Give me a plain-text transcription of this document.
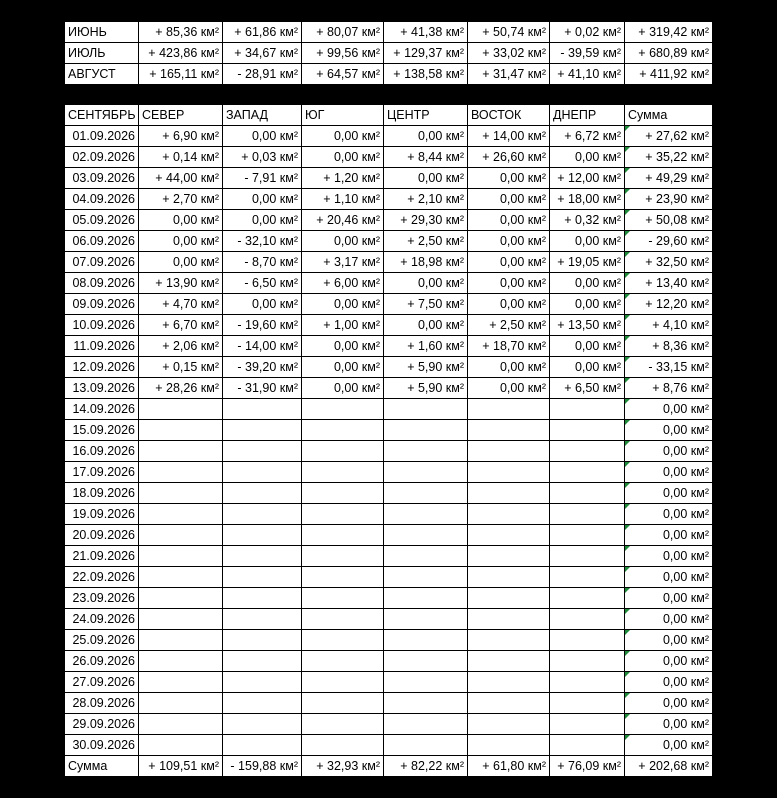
ИЮНЬ	+ 85,36 км²	+ 61,86 км²	+ 80,07 км²	+ 41,38 км²	+ 50,74 км²	+ 0,02 км²	+ 319,42 км²
ИЮЛЬ	+ 423,86 км²	+ 34,67 км²	+ 99,56 км²	+ 129,37 км²	+ 33,02 км²	- 39,59 км²	+ 680,89 км²
АВГУСТ	+ 165,11 км²	- 28,91 км²	+ 64,57 км²	+ 138,58 км²	+ 31,47 км²	+ 41,10 км²	+ 411,92 км²
СЕНТЯБРЬ	СЕВЕР	ЗАПАД	ЮГ	ЦЕНТР	ВОСТОК	ДНЕПР	Сумма
01.09.2026	+ 6,90 км²	0,00 км²	0,00 км²	0,00 км²	+ 14,00 км²	+ 6,72 км²	+ 27,62 км²
02.09.2026	+ 0,14 км²	+ 0,03 км²	0,00 км²	+ 8,44 км²	+ 26,60 км²	0,00 км²	+ 35,22 км²
03.09.2026	+ 44,00 км²	- 7,91 км²	+ 1,20 км²	0,00 км²	0,00 км²	+ 12,00 км²	+ 49,29 км²
04.09.2026	+ 2,70 км²	0,00 км²	+ 1,10 км²	+ 2,10 км²	0,00 км²	+ 18,00 км²	+ 23,90 км²
05.09.2026	0,00 км²	0,00 км²	+ 20,46 км²	+ 29,30 км²	0,00 км²	+ 0,32 км²	+ 50,08 км²
06.09.2026	0,00 км²	- 32,10 км²	0,00 км²	+ 2,50 км²	0,00 км²	0,00 км²	- 29,60 км²
07.09.2026	0,00 км²	- 8,70 км²	+ 3,17 км²	+ 18,98 км²	0,00 км²	+ 19,05 км²	+ 32,50 км²
08.09.2026	+ 13,90 км²	- 6,50 км²	+ 6,00 км²	0,00 км²	0,00 км²	0,00 км²	+ 13,40 км²
09.09.2026	+ 4,70 км²	0,00 км²	0,00 км²	+ 7,50 км²	0,00 км²	0,00 км²	+ 12,20 км²
10.09.2026	+ 6,70 км²	- 19,60 км²	+ 1,00 км²	0,00 км²	+ 2,50 км²	+ 13,50 км²	+ 4,10 км²
11.09.2026	+ 2,06 км²	- 14,00 км²	0,00 км²	+ 1,60 км²	+ 18,70 км²	0,00 км²	+ 8,36 км²
12.09.2026	+ 0,15 км²	- 39,20 км²	0,00 км²	+ 5,90 км²	0,00 км²	0,00 км²	- 33,15 км²
13.09.2026	+ 28,26 км²	- 31,90 км²	0,00 км²	+ 5,90 км²	0,00 км²	+ 6,50 км²	+ 8,76 км²
14.09.2026							0,00 км²
15.09.2026							0,00 км²
16.09.2026							0,00 км²
17.09.2026							0,00 км²
18.09.2026							0,00 км²
19.09.2026							0,00 км²
20.09.2026							0,00 км²
21.09.2026							0,00 км²
22.09.2026							0,00 км²
23.09.2026							0,00 км²
24.09.2026							0,00 км²
25.09.2026							0,00 км²
26.09.2026							0,00 км²
27.09.2026							0,00 км²
28.09.2026							0,00 км²
29.09.2026							0,00 км²
30.09.2026							0,00 км²
Сумма	+ 109,51 км²	- 159,88 км²	+ 32,93 км²	+ 82,22 км²	+ 61,80 км²	+ 76,09 км²	+ 202,68 км²
